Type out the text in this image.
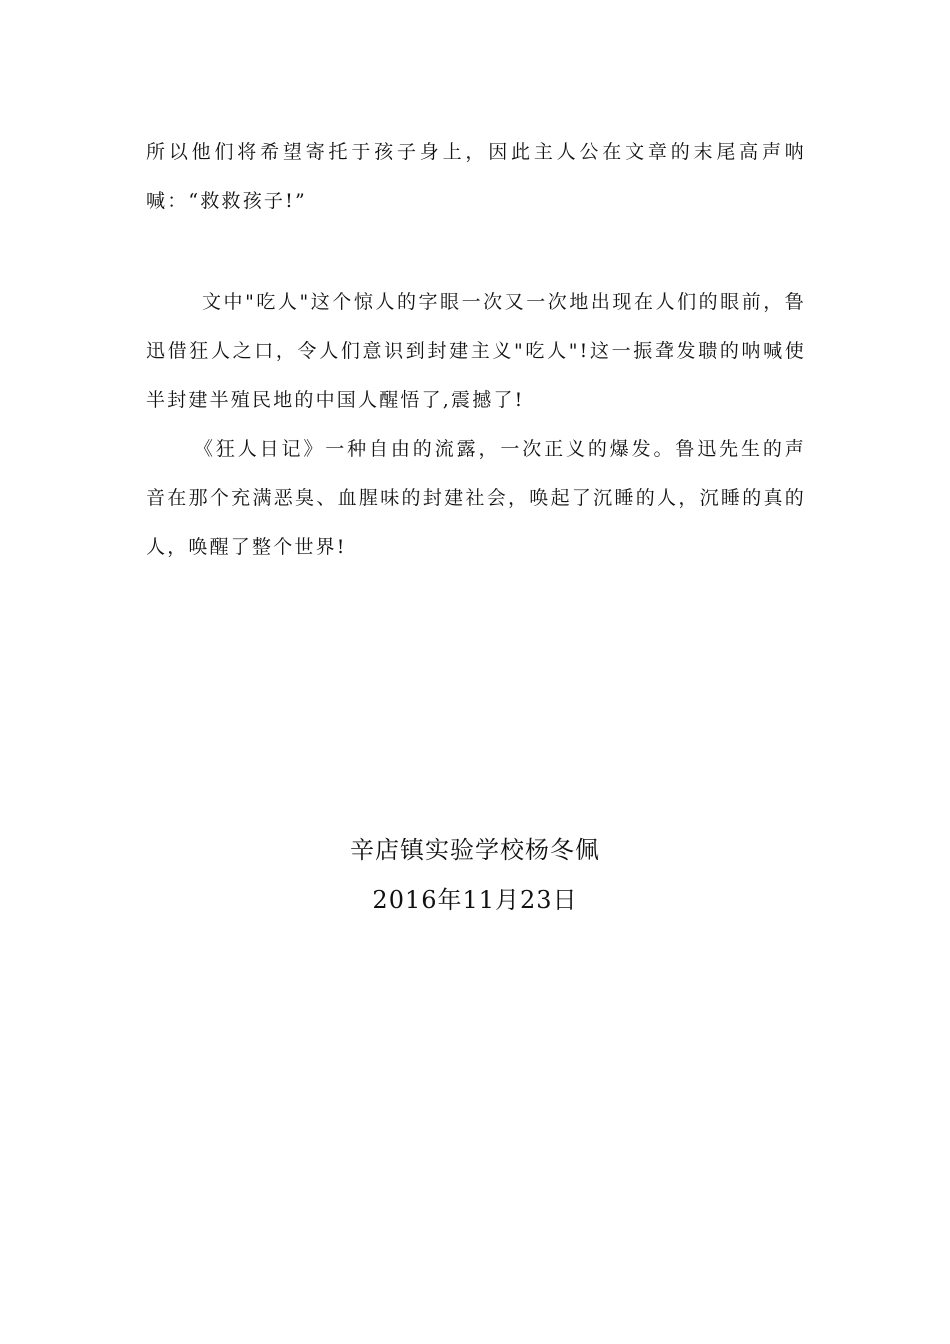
所以他们将希望寄托于孩子身上，因此主人公在文章的末尾高声呐喊：“救救孩子!”

文中"吃人"这个惊人的字眼一次又一次地出现在人们的眼前，鲁迅借狂人之口，令人们意识到封建主义"吃人"!这一振聋发聩的呐喊使半封建半殖民地的中国人醒悟了,震撼了!

《狂人日记》一种自由的流露，一次正义的爆发。鲁迅先生的声音在那个充满恶臭、血腥味的封建社会，唤起了沉睡的人，沉睡的真的人，唤醒了整个世界!

辛店镇实验学校杨冬佩

2016年11月23日
